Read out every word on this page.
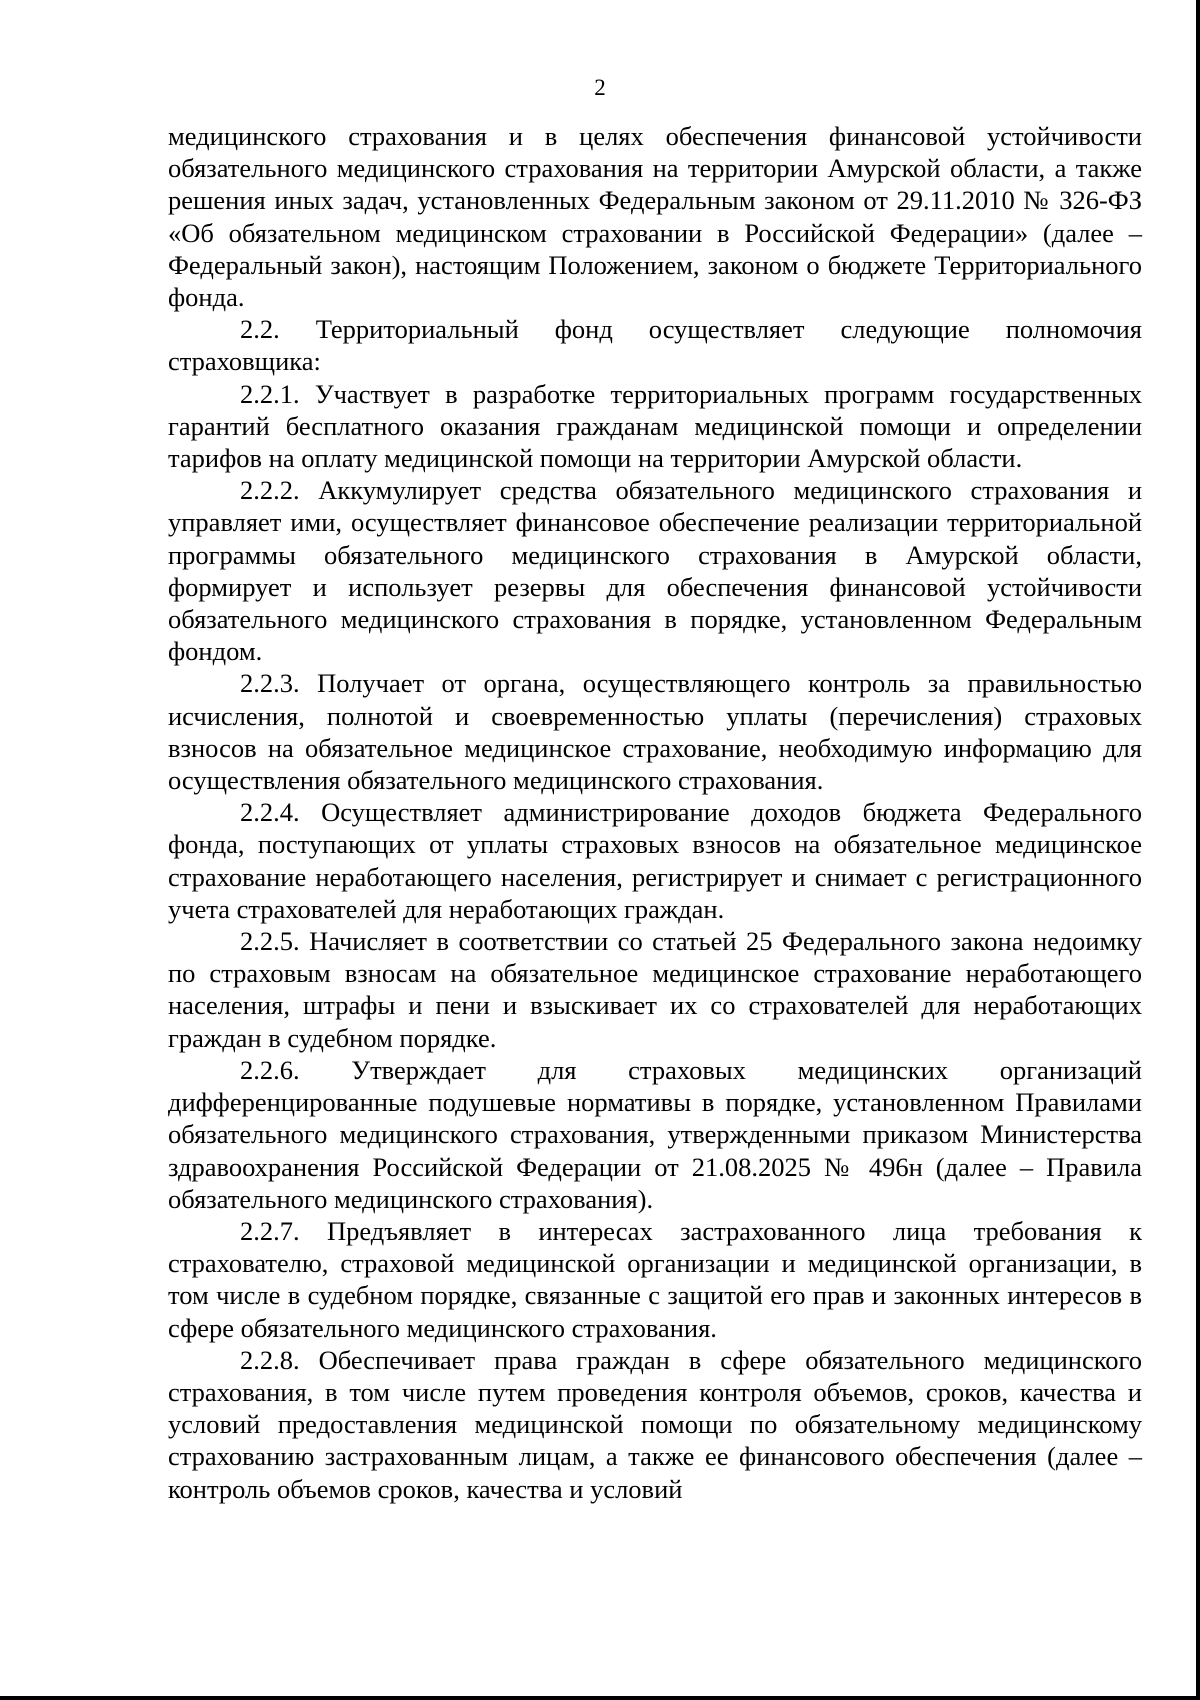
2

медицинского страхования и в целях обеспечения финансовой устойчивости обязательного медицинского страхования на территории Амурской области, а также решения иных задач, установленных Федеральным законом от 29.11.2010 № 326-ФЗ «Об обязательном медицинском страховании в Российской Федерации» (далее – Федеральный закон), настоящим Положением, законом о бюджете Территориального фонда.

2.2. Территориальный фонд осуществляет следующие полномочия страховщика:

2.2.1. Участвует в разработке территориальных программ государственных гарантий бесплатного оказания гражданам медицинской помощи и определении тарифов на оплату медицинской помощи на территории Амурской области.

2.2.2. Аккумулирует средства обязательного медицинского страхования и управляет ими, осуществляет финансовое обеспечение реализации территориальной программы обязательного медицинского страхования в Амурской области, формирует и использует резервы для обеспечения финансовой устойчивости обязательного медицинского страхования в порядке, установленном Федеральным фондом.

2.2.3. Получает от органа, осуществляющего контроль за правильностью исчисления, полнотой и своевременностью уплаты (перечисления) страховых взносов на обязательное медицинское страхование, необходимую информацию для осуществления обязательного медицинского страхования.

2.2.4. Осуществляет администрирование доходов бюджета Федерального фонда, поступающих от уплаты страховых взносов на обязательное медицинское страхование неработающего населения, регистрирует и снимает с регистрационного учета страхователей для неработающих граждан.

2.2.5. Начисляет в соответствии со статьей 25 Федерального закона недоимку по страховым взносам на обязательное медицинское страхование неработающего населения, штрафы и пени и взыскивает их со страхователей для неработающих граждан в судебном порядке.

2.2.6. Утверждает для страховых медицинских организаций дифференцированные подушевые нормативы в порядке, установленном Правилами обязательного медицинского страхования, утвержденными приказом Министерства здравоохранения Российской Федерации от 21.08.2025 № 496н (далее – Правила обязательного медицинского страхования).

2.2.7. Предъявляет в интересах застрахованного лица требования к страхователю, страховой медицинской организации и медицинской организации, в том числе в судебном порядке, связанные с защитой его прав и законных интересов в сфере обязательного медицинского страхования.

2.2.8. Обеспечивает права граждан в сфере обязательного медицинского страхования, в том числе путем проведения контроля объемов, сроков, качества и условий предоставления медицинской помощи по обязательному медицинскому страхованию застрахованным лицам, а также ее финансового обеспечения (далее – контроль объемов сроков, качества и условий
